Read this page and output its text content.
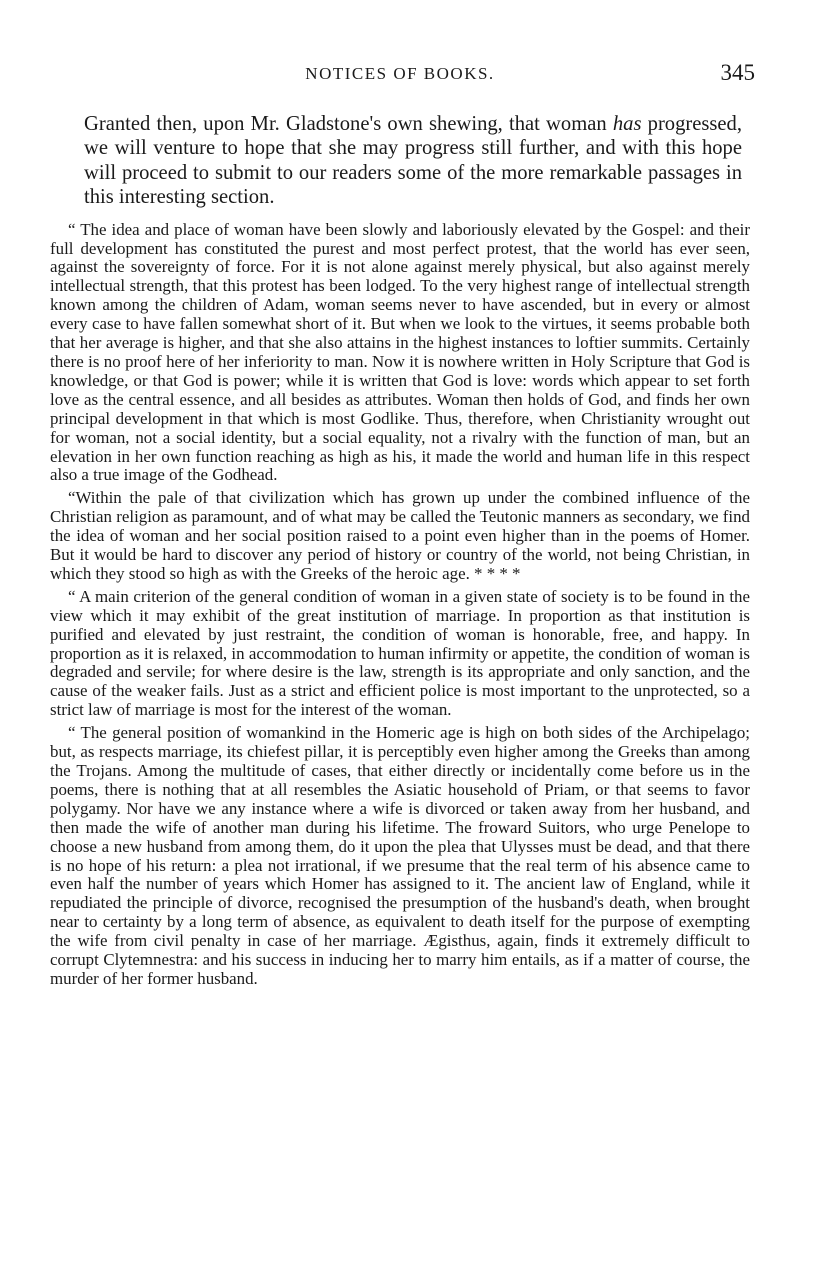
NOTICES OF BOOKS.	345

Granted then, upon Mr. Gladstone's own shewing, that woman has progressed, we will venture to hope that she may progress still further, and with this hope will proceed to submit to our readers some of the more remarkable passages in this interesting section.

“ The idea and place of woman have been slowly and laboriously elevated by the Gospel: and their full development has constituted the purest and most perfect protest, that the world has ever seen, against the sovereignty of force. For it is not alone against merely physical, but also against merely intellectual strength, that this protest has been lodged. To the very highest range of intellectual strength known among the children of Adam, woman seems never to have ascended, but in every or almost every case to have fallen somewhat short of it. But when we look to the virtues, it seems probable both that her average is higher, and that she also attains in the highest instances to loftier summits. Certainly there is no proof here of her inferiority to man. Now it is nowhere written in Holy Scripture that God is knowledge, or that God is power; while it is written that God is love: words which appear to set forth love as the central essence, and all besides as attributes. Woman then holds of God, and finds her own principal development in that which is most Godlike. Thus, therefore, when Christianity wrought out for woman, not a social identity, but a social equality, not a rivalry with the function of man, but an elevation in her own function reaching as high as his, it made the world and human life in this respect also a true image of the Godhead.

“Within the pale of that civilization which has grown up under the combined influence of the Christian religion as paramount, and of what may be called the Teutonic manners as secondary, we find the idea of woman and her social position raised to a point even higher than in the poems of Homer. But it would be hard to discover any period of history or country of the world, not being Christian, in which they stood so high as with the Greeks of the heroic age. * * * *

“ A main criterion of the general condition of woman in a given state of society is to be found in the view which it may exhibit of the great institution of marriage. In proportion as that institution is purified and elevated by just restraint, the condition of woman is honorable, free, and happy. In proportion as it is relaxed, in accommodation to human infirmity or appetite, the condition of woman is degraded and servile; for where desire is the law, strength is its appropriate and only sanction, and the cause of the weaker fails. Just as a strict and efficient police is most important to the unprotected, so a strict law of marriage is most for the interest of the woman.

“ The general position of womankind in the Homeric age is high on both sides of the Archipelago; but, as respects marriage, its chiefest pillar, it is perceptibly even higher among the Greeks than among the Trojans. Among the multitude of cases, that either directly or incidentally come before us in the poems, there is nothing that at all resembles the Asiatic household of Priam, or that seems to favor polygamy. Nor have we any instance where a wife is divorced or taken away from her husband, and then made the wife of another man during his lifetime. The froward Suitors, who urge Penelope to choose a new husband from among them, do it upon the plea that Ulysses must be dead, and that there is no hope of his return: a plea not irrational, if we presume that the real term of his absence came to even half the number of years which Homer has assigned to it. The ancient law of England, while it repudiated the principle of divorce, recognised the presumption of the husband's death, when brought near to certainty by a long term of absence, as equivalent to death itself for the purpose of exempting the wife from civil penalty in case of her marriage. Ægisthus, again, finds it extremely difficult to corrupt Clytemnestra: and his success in inducing her to marry him entails, as if a matter of course, the murder of her former husband.
